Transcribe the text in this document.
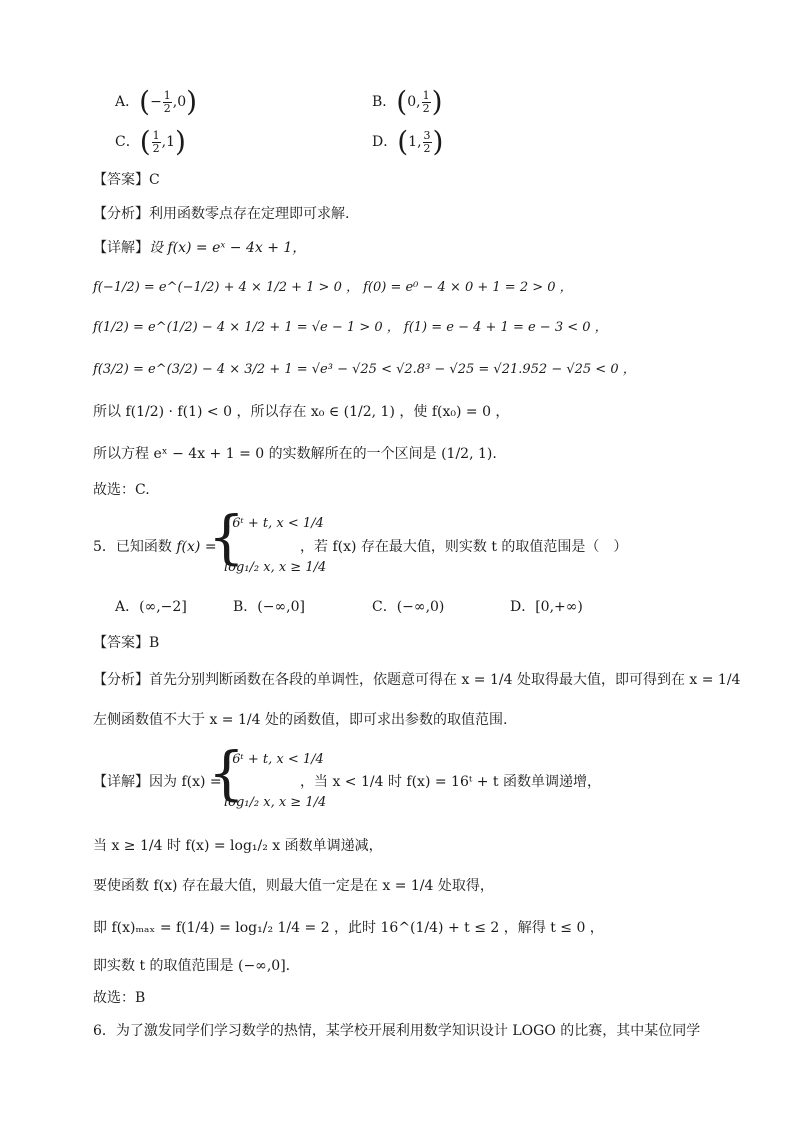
A．(− $\frac{1}{2} ,0$)	B．(0, $\frac{1}{2}$ )
C．( $\frac{1}{2} ,1$)	D．(1, $\frac{3}{2}$ )
【答案】C
【分析】利用函数零点存在定理即可求解.
【详解】设 f(x) = eˣ − 4x + 1，
f(−1/2) = e^(−1/2) + 4 × 1/2 + 1 > 0 ， f(0) = e⁰ − 4 × 0 + 1 = 2 > 0 ，
f(1/2) = e^(1/2) − 4 × 1/2 + 1 = √e − 1 > 0 ， f(1) = e − 4 + 1 = e − 3 < 0 ，
f(3/2) = e^(3/2) − 4 × 3/2 + 1 = √e³ − √25 < √2.8³ − √25 = √21.952 − √25 < 0 ，
所以 f(1/2) · f(1) < 0 ，所以存在 x₀ ∈ (1/2, 1) ，使 f(x₀) = 0 ，
所以方程 eˣ − 4x + 1 = 0 的实数解所在的一个区间是 (1/2, 1).
故选：C.
5．已知函数 f(x) =
{
16ᵗ + t, x < 1/4
log₁/₂ x, x ≥ 1/4
，若 f(x) 存在最大值，则实数 t 的取值范围是（　）
A．(∞,−2]	B．(−∞,0]	C．(−∞,0)	D．[0,+∞)
【答案】B
【分析】首先分别判断函数在各段的单调性，依题意可得在 x = 1/4 处取得最大值，即可得到在 x = 1/4
左侧函数值不大于 x = 1/4 处的函数值，即可求出参数的取值范围.
【详解】因为 f(x) =
{
16ᵗ + t, x < 1/4
log₁/₂ x, x ≥ 1/4
，当 x < 1/4 时 f(x) = 16ᵗ + t 函数单调递增，
当 x ≥ 1/4 时 f(x) = log₁/₂ x 函数单调递减，
要使函数 f(x) 存在最大值，则最大值一定是在 x = 1/4 处取得，
即 f(x)ₘₐₓ = f(1/4) = log₁/₂ 1/4 = 2 ，此时 16^(1/4) + t ≤ 2 ，解得 t ≤ 0 ，
即实数 t 的取值范围是 (−∞,0].
故选：B
6．为了激发同学们学习数学的热情，某学校开展利用数学知识设计 LOGO 的比赛，其中某位同学
